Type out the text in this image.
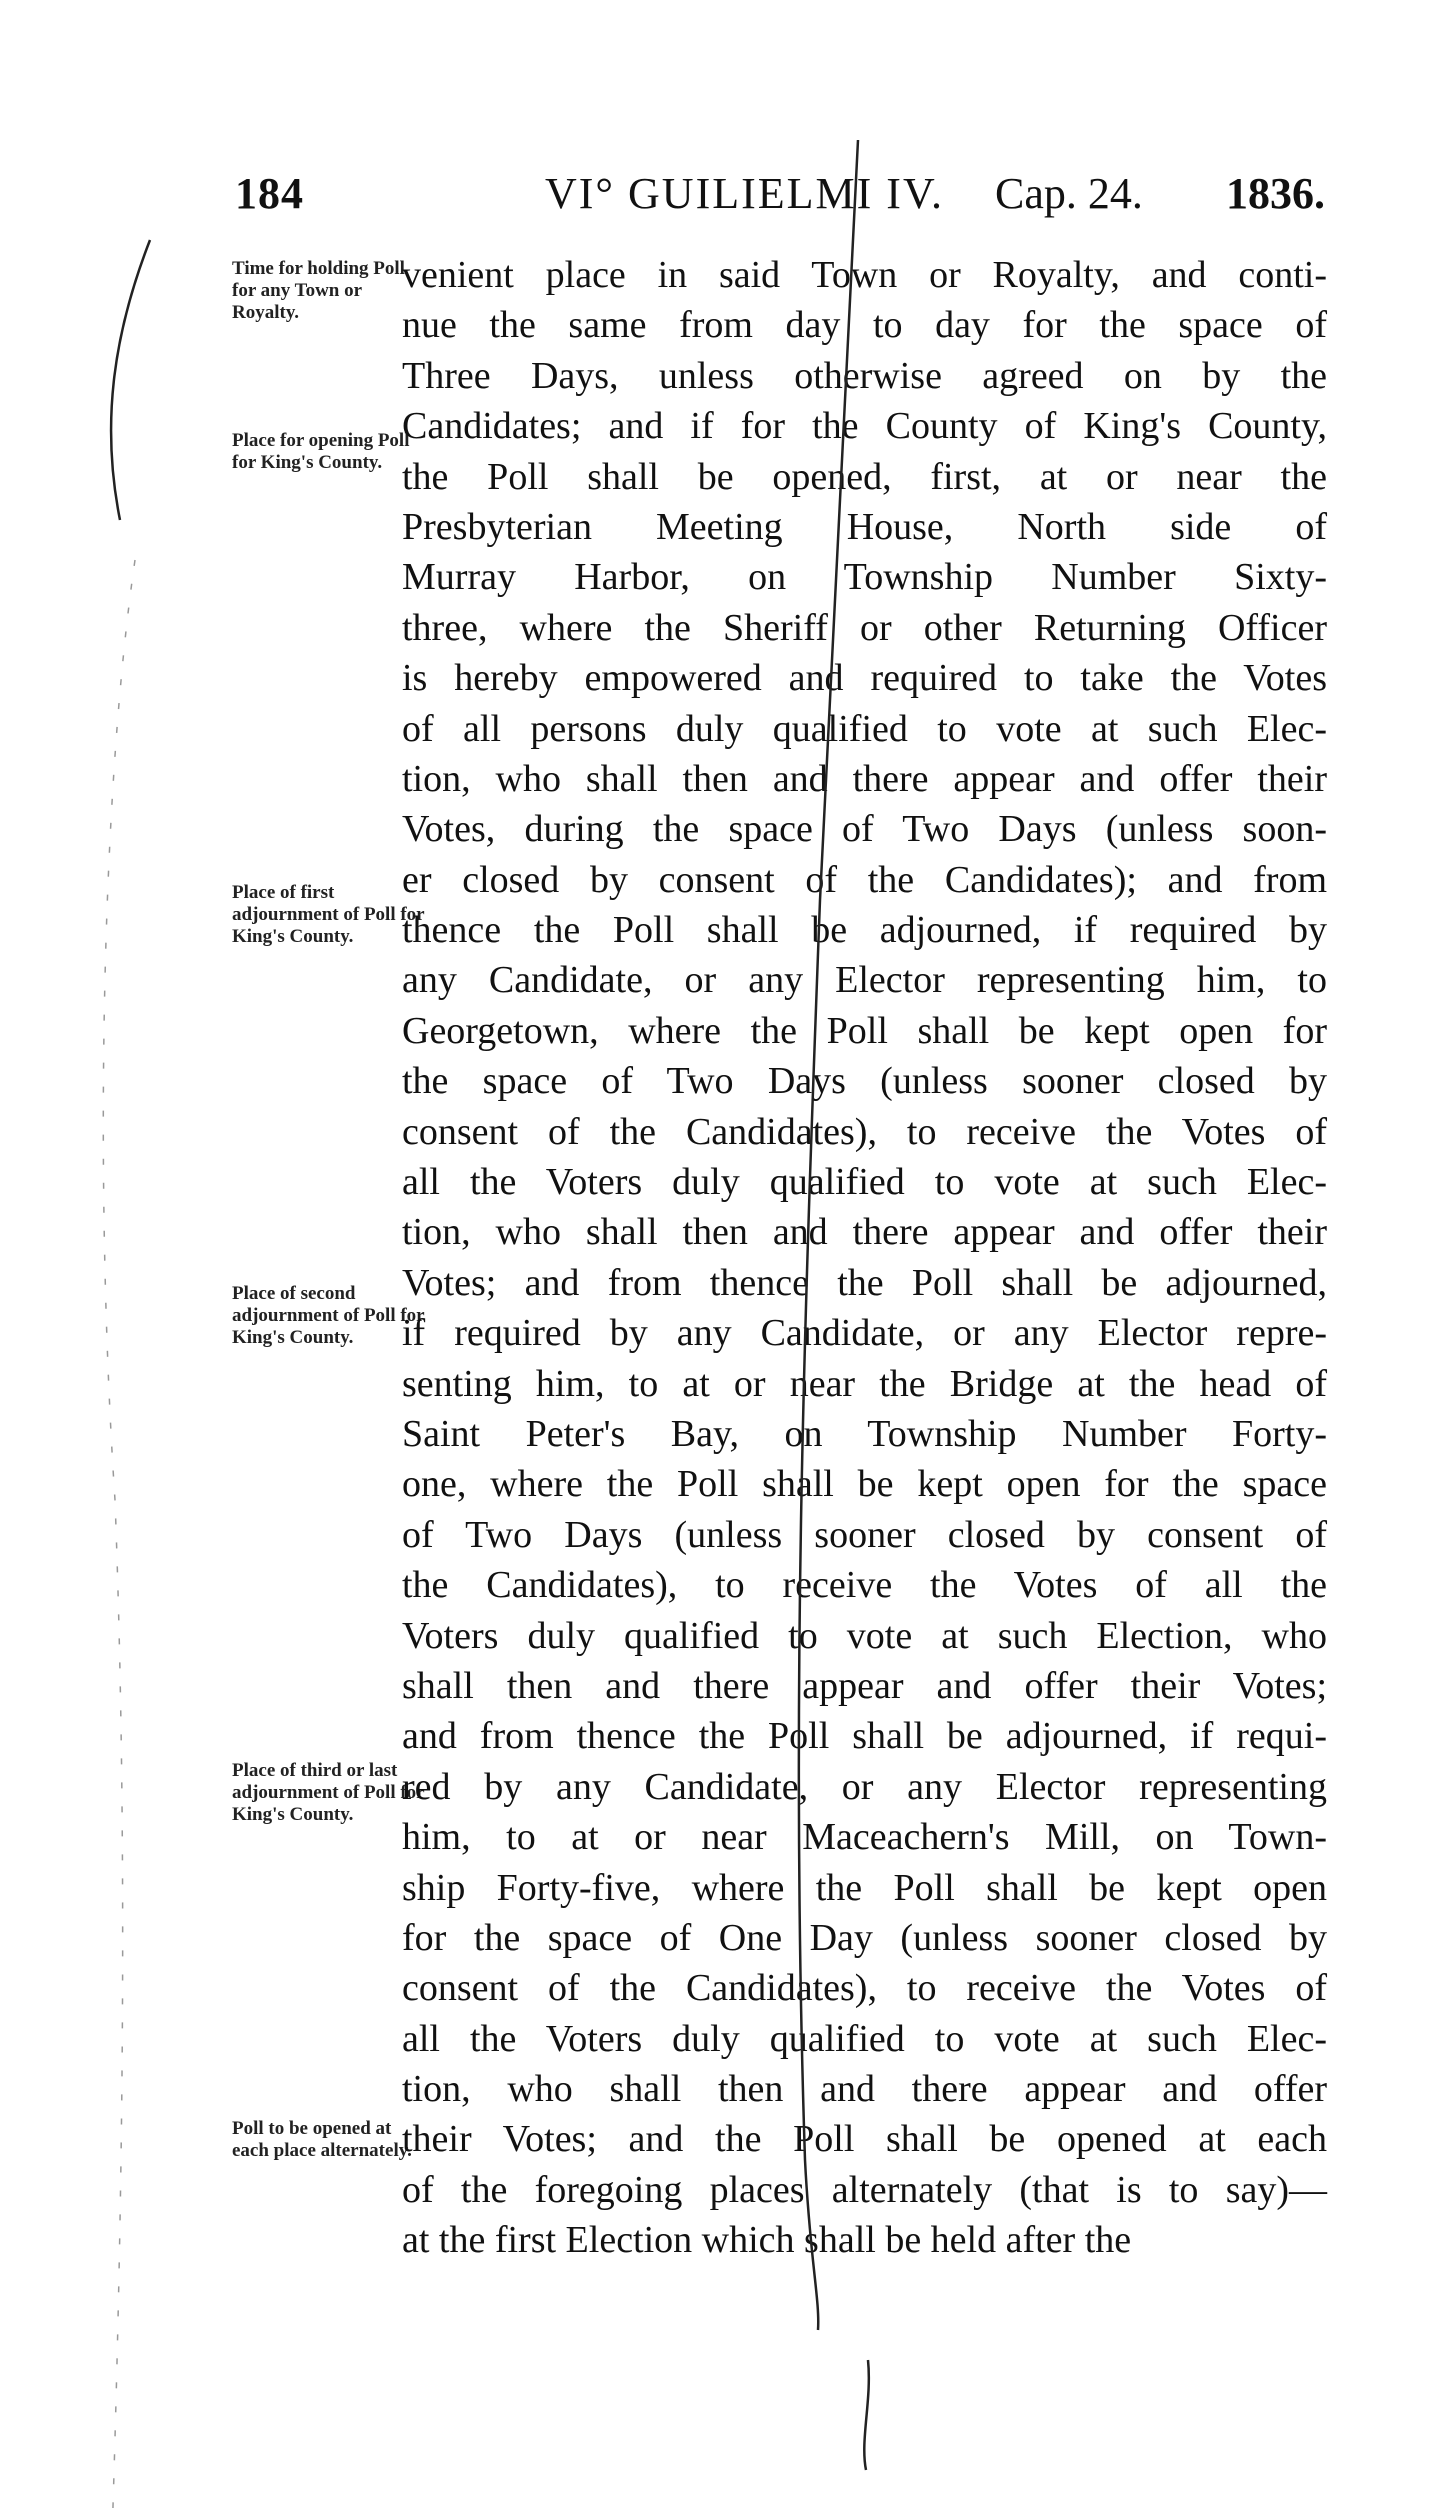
184	VI° GUILIELMI IV. Cap. 24. 1836.
Time for holding Poll for any Town or Royalty.
Place for opening Poll for King's County.
Place of first adjournment of Poll for King's County.
Place of second adjournment of Poll for King's County.
Place of third or last adjournment of Poll for King's County.
Poll to be opened at each place alternately.
venient place in said Town or Royalty, and conti-
nue the same from day to day for the space of
Three Days, unless otherwise agreed on by the
Candidates; and if for the County of King's County,
the Poll shall be opened, first, at or near the
Presbyterian Meeting House, North side of
Murray Harbor, on Township Number Sixty-
three, where the Sheriff or other Returning Officer
is hereby empowered and required to take the Votes
of all persons duly qualified to vote at such Elec-
tion, who shall then and there appear and offer their
Votes, during the space of Two Days (unless soon-
er closed by consent of the Candidates); and from
thence the Poll shall be adjourned, if required by
any Candidate, or any Elector representing him, to
Georgetown, where the Poll shall be kept open for
the space of Two Days (unless sooner closed by
consent of the Candidates), to receive the Votes of
all the Voters duly qualified to vote at such Elec-
tion, who shall then and there appear and offer their
Votes; and from thence the Poll shall be adjourned,
if required by any Candidate, or any Elector repre-
senting him, to at or near the Bridge at the head of
Saint Peter's Bay, on Township Number Forty-
one, where the Poll shall be kept open for the space
of Two Days (unless sooner closed by consent of
the Candidates), to receive the Votes of all the
Voters duly qualified to vote at such Election, who
shall then and there appear and offer their Votes;
and from thence the Poll shall be adjourned, if requi-
red by any Candidate, or any Elector representing
him, to at or near Maceachern's Mill, on Town-
ship Forty-five, where the Poll shall be kept open
for the space of One Day (unless sooner closed by
consent of the Candidates), to receive the Votes of
all the Voters duly qualified to vote at such Elec-
tion, who shall then and there appear and offer
their Votes; and the Poll shall be opened at each
of the foregoing places alternately (that is to say)—
at the first Election which shall be held after the
